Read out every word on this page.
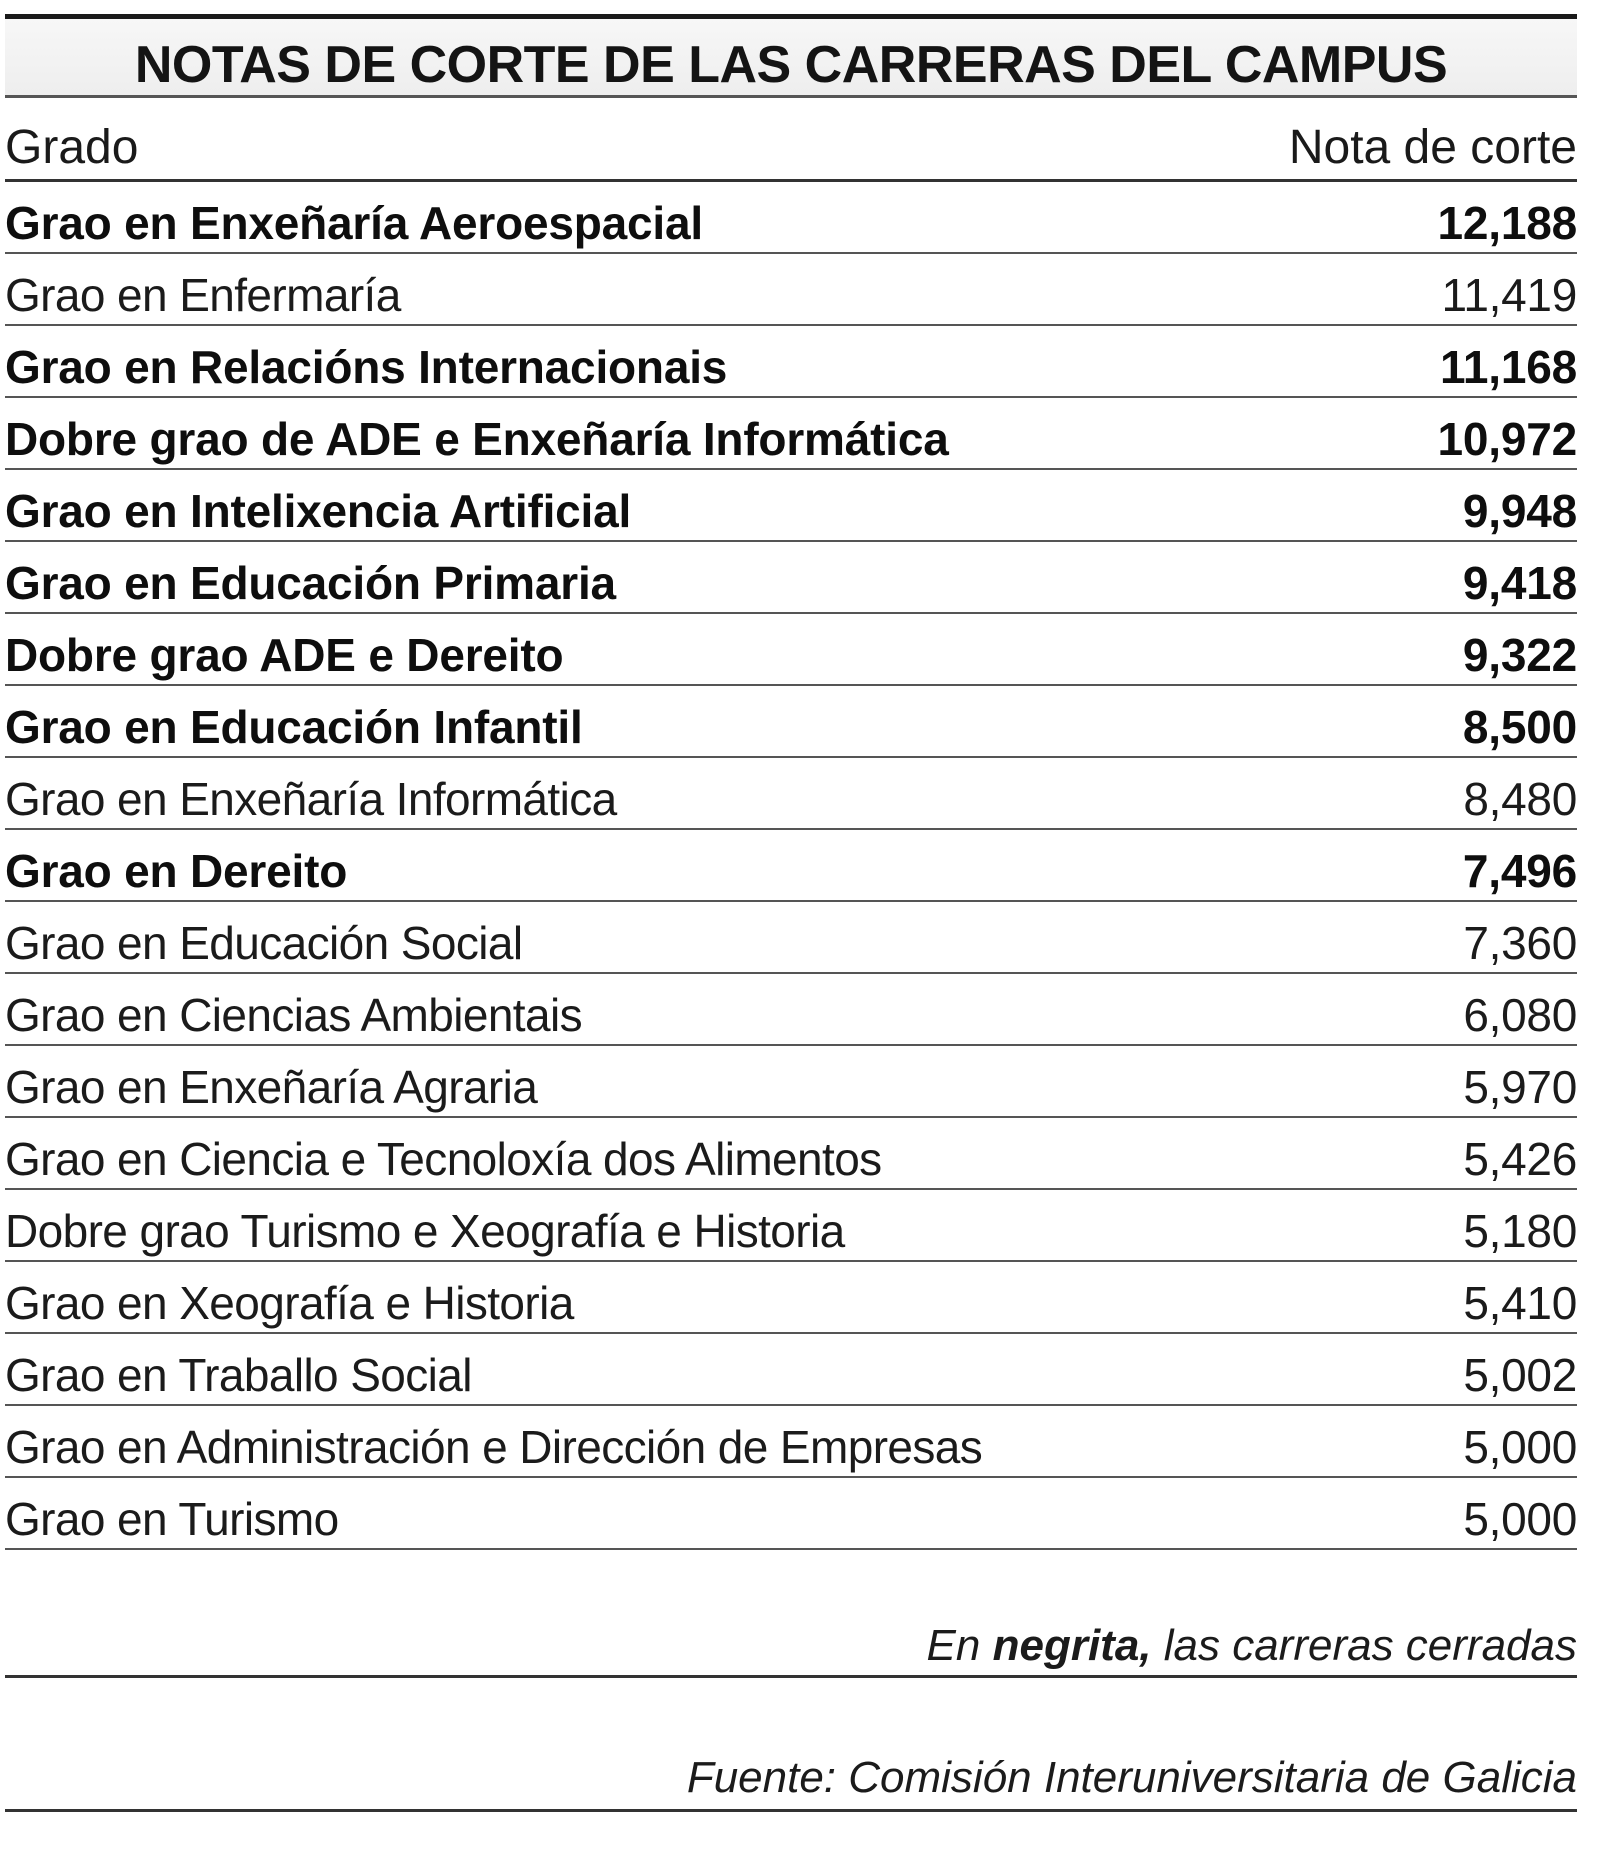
NOTAS DE CORTE DE LAS CARRERAS DEL CAMPUS
Grado	Nota de corte
Grao en Enxeñaría Aeroespacial	12,188
Grao en Enfermaría	11,419
Grao en Relacións Internacionais	11,168
Dobre grao de ADE e Enxeñaría Informática	10,972
Grao en Intelixencia Artificial	9,948
Grao en Educación Primaria	9,418
Dobre grao ADE e Dereito	9,322
Grao en Educación Infantil	8,500
Grao en Enxeñaría Informática	8,480
Grao en Dereito	7,496
Grao en Educación Social	7,360
Grao en Ciencias Ambientais	6,080
Grao en Enxeñaría Agraria	5,970
Grao en Ciencia e Tecnoloxía dos Alimentos	5,426
Dobre grao Turismo e Xeografía e Historia	5,180
Grao en Xeografía e Historia	5,410
Grao en Traballo Social	5,002
Grao en Administración e Dirección de Empresas	5,000
Grao en Turismo	5,000
En negrita, las carreras cerradas
Fuente: Comisión Interuniversitaria de Galicia
